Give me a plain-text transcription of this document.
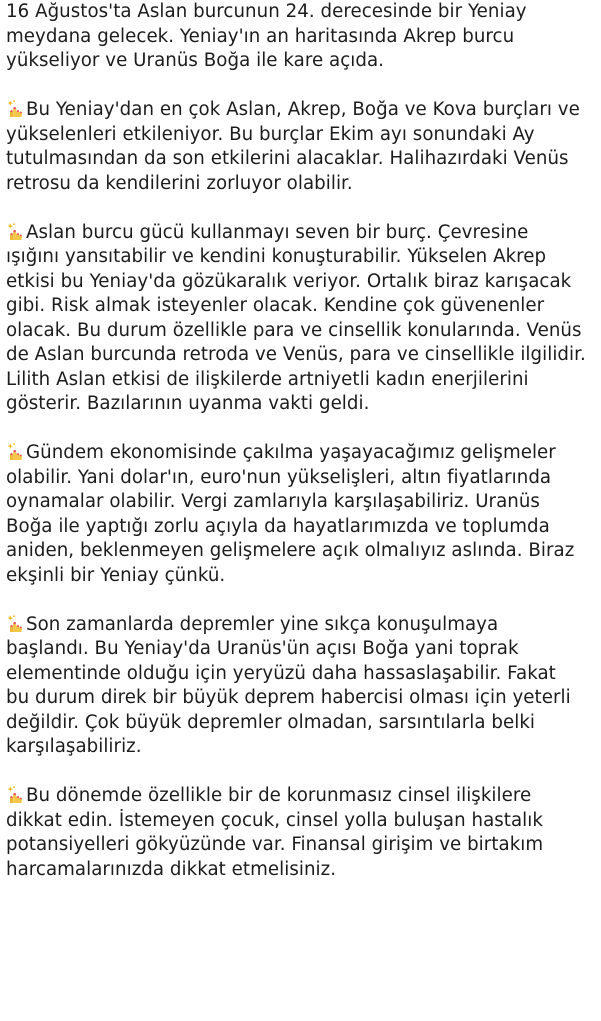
16 Ağustos'ta Aslan burcunun 24. derecesinde bir Yeniay

meydana gelecek. Yeniay'ın an haritasında Akrep burcu

yükseliyor ve Uranüs Boğa ile kare açıda.

Bu Yeniay'dan en çok Aslan, Akrep, Boğa ve Kova burçları ve

yükselenleri etkileniyor. Bu burçlar Ekim ayı sonundaki Ay

tutulmasından da son etkilerini alacaklar. Halihazırdaki Venüs

retrosu da kendilerini zorluyor olabilir.

Aslan burcu gücü kullanmayı seven bir burç. Çevresine

ışığını yansıtabilir ve kendini konuşturabilir. Yükselen Akrep

etkisi bu Yeniay'da gözükaralık veriyor. Ortalık biraz karışacak

gibi. Risk almak isteyenler olacak. Kendine çok güvenenler

olacak. Bu durum özellikle para ve cinsellik konularında. Venüs

de Aslan burcunda retroda ve Venüs, para ve cinsellikle ilgilidir.

Lilith Aslan etkisi de ilişkilerde artniyetli kadın enerjilerini

gösterir. Bazılarının uyanma vakti geldi.

Gündem ekonomisinde çakılma yaşayacağımız gelişmeler

olabilir. Yani dolar'ın, euro'nun yükselişleri, altın fiyatlarında

oynamalar olabilir. Vergi zamlarıyla karşılaşabiliriz. Uranüs

Boğa ile yaptığı zorlu açıyla da hayatlarımızda ve toplumda

aniden, beklenmeyen gelişmelere açık olmalıyız aslında. Biraz

ekşinli bir Yeniay çünkü.

Son zamanlarda depremler yine sıkça konuşulmaya

başlandı. Bu Yeniay'da Uranüs'ün açısı Boğa yani toprak

elementinde olduğu için yeryüzü daha hassaslaşabilir. Fakat

bu durum direk bir büyük deprem habercisi olması için yeterli

değildir. Çok büyük depremler olmadan, sarsıntılarla belki

karşılaşabiliriz.

Bu dönemde özellikle bir de korunmasız cinsel ilişkilere

dikkat edin. İstemeyen çocuk, cinsel yolla buluşan hastalık

potansiyelleri gökyüzünde var. Finansal girişim ve birtakım

harcamalarınızda dikkat etmelisiniz.
